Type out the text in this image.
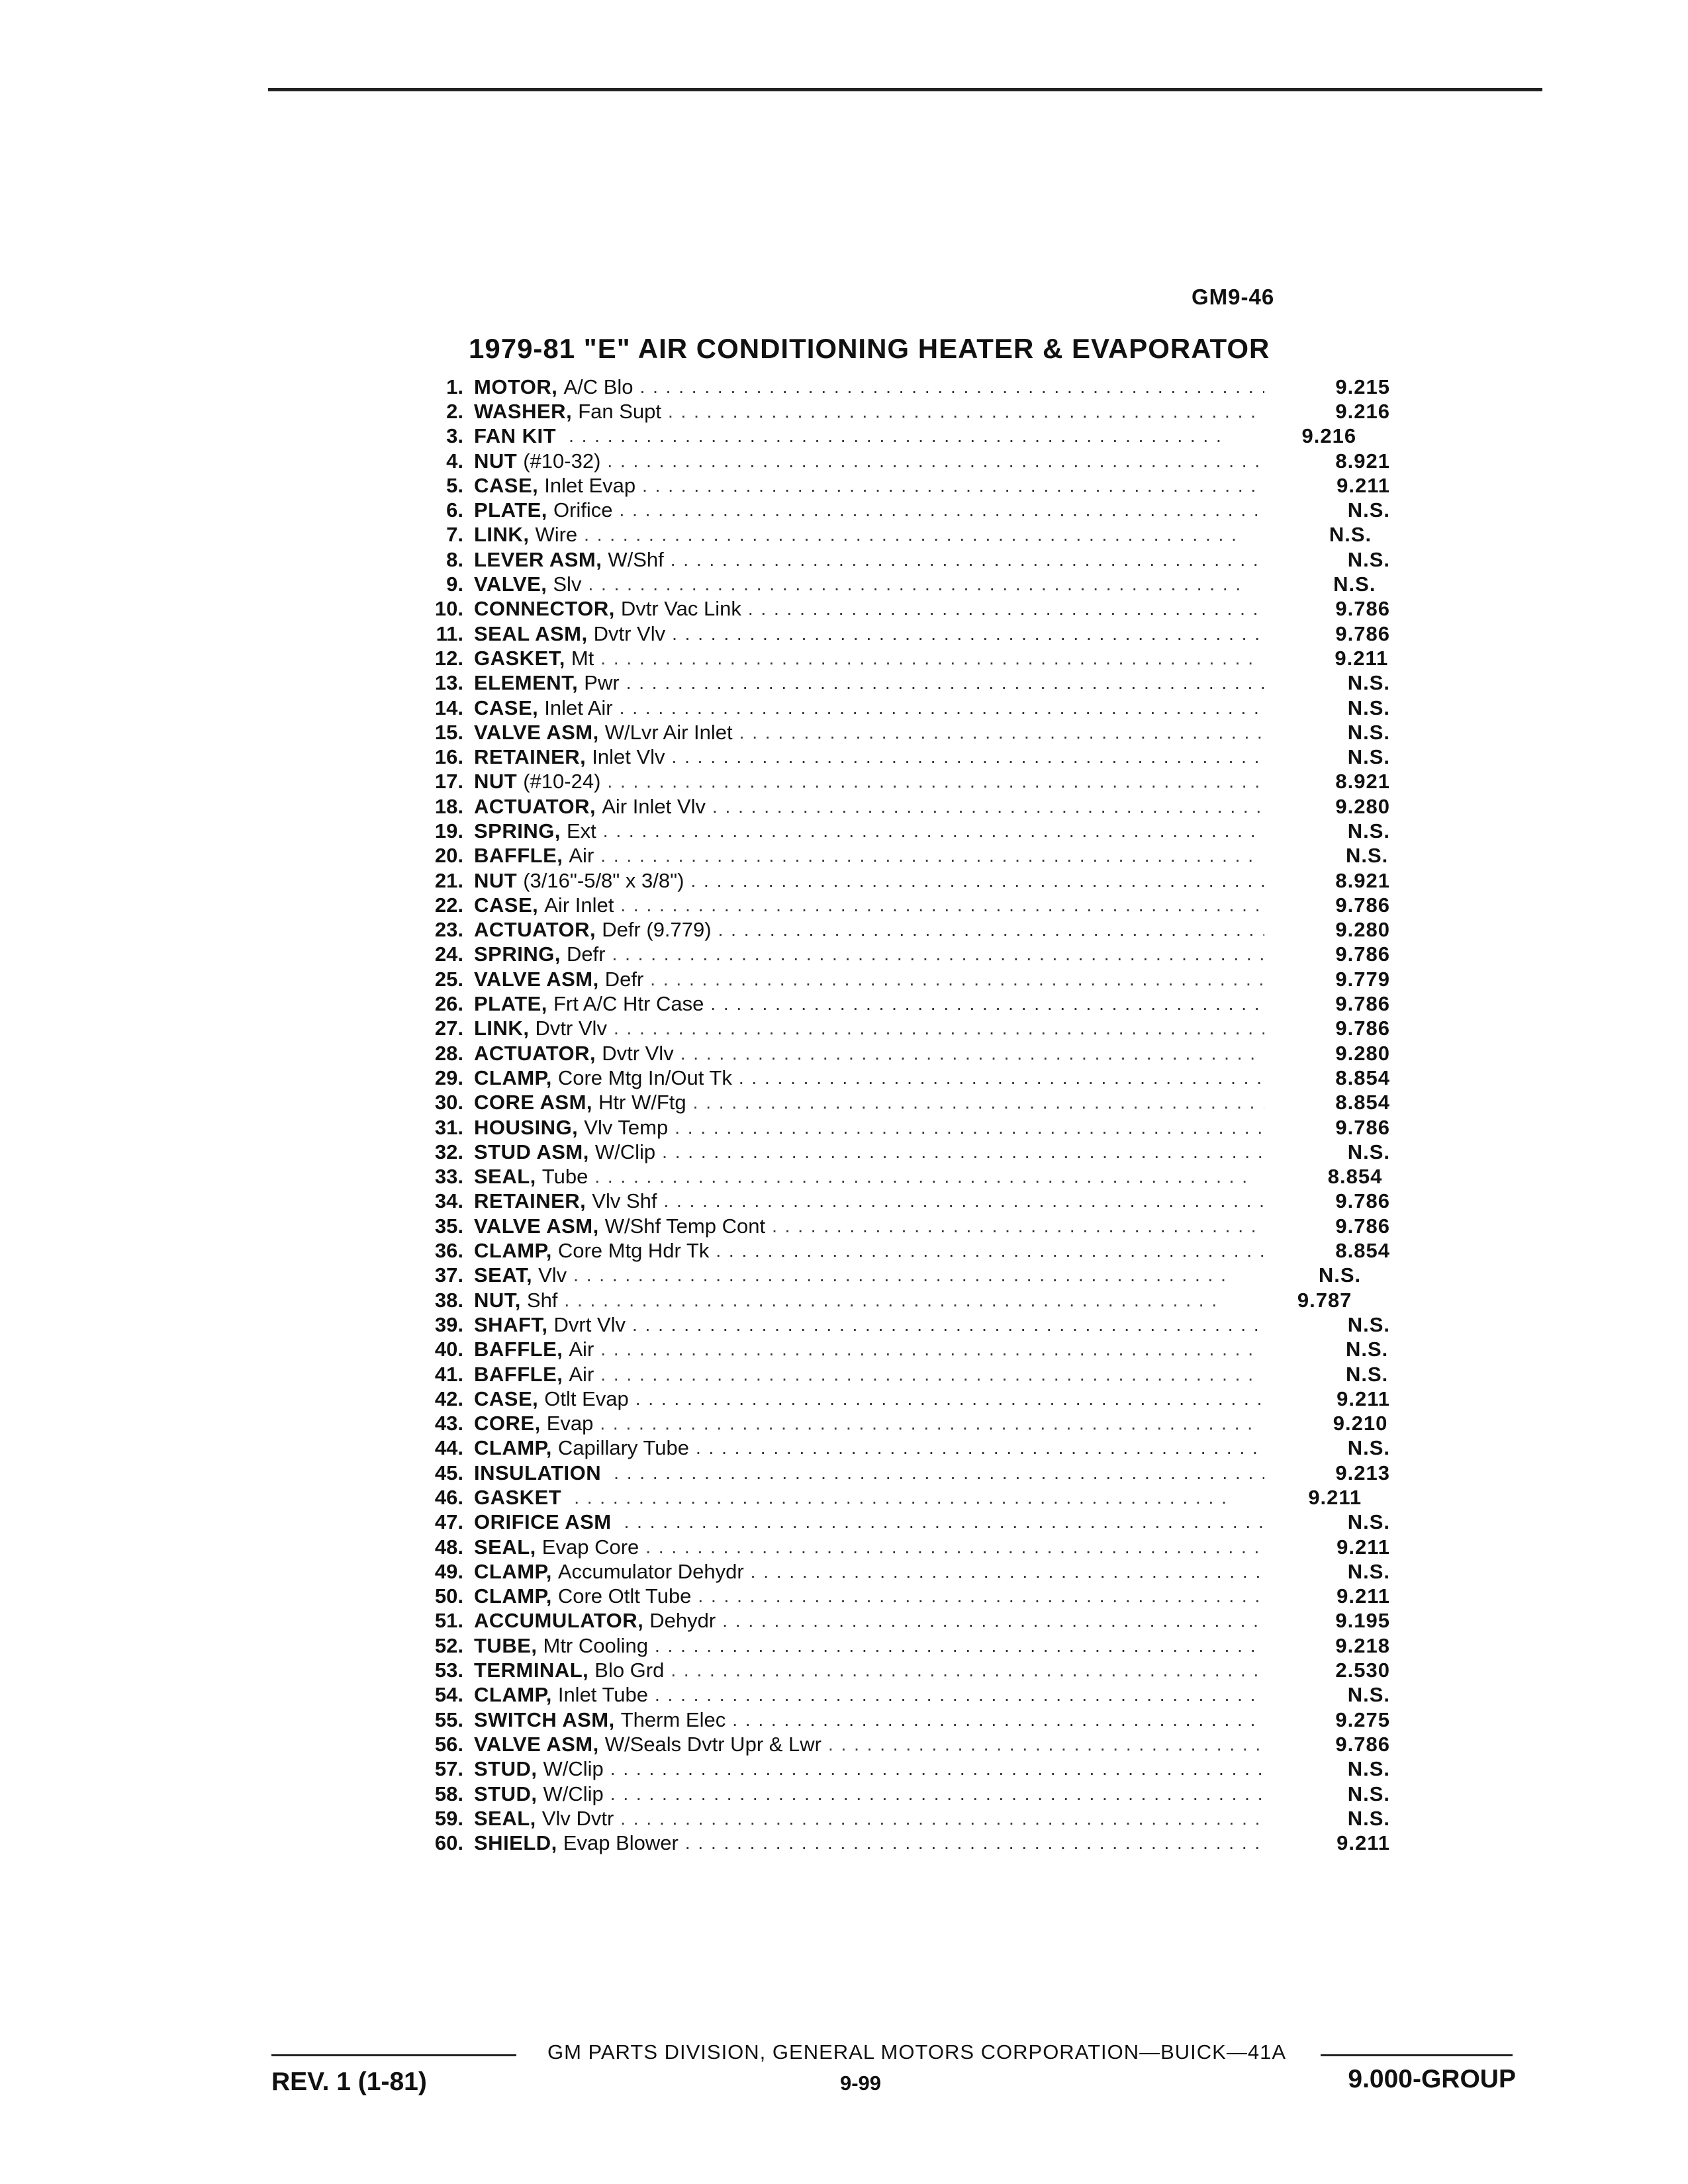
GM9-46
1979-81 "E" AIR CONDITIONING HEATER & EVAPORATOR
1. MOTOR, A/C Blo . . .	9.215
2. WASHER, Fan Supt . . .	9.216
3. FAN KIT . . .	9.216
4. NUT (#10-32) . . .	8.921
5. CASE, Inlet Evap . . .	9.211
6. PLATE, Orifice . . .	N.S.
7. LINK, Wire . . .	N.S.
8. LEVER ASM, W/Shf . . .	N.S.
9. VALVE, Slv . . .	N.S.
10. CONNECTOR, Dvtr Vac Link . . .	9.786
11. SEAL ASM, Dvtr Vlv . . .	9.786
12. GASKET, Mt . . .	9.211
13. ELEMENT, Pwr . . .	N.S.
14. CASE, Inlet Air . . .	N.S.
15. VALVE ASM, W/Lvr Air Inlet . . .	N.S.
16. RETAINER, Inlet Vlv . . .	N.S.
17. NUT (#10-24) . . .	8.921
18. ACTUATOR, Air Inlet Vlv . . .	9.280
19. SPRING, Ext . . .	N.S.
20. BAFFLE, Air . . .	N.S.
21. NUT (3/16"-5/8" x 3/8") . . .	8.921
22. CASE, Air Inlet . . .	9.786
23. ACTUATOR, Defr (9.779) . . .	9.280
24. SPRING, Defr . . .	9.786
25. VALVE ASM, Defr . . .	9.779
26. PLATE, Frt A/C Htr Case . . .	9.786
27. LINK, Dvtr Vlv . . .	9.786
28. ACTUATOR, Dvtr Vlv . . .	9.280
29. CLAMP, Core Mtg In/Out Tk . . .	8.854
30. CORE ASM, Htr W/Ftg . . .	8.854
31. HOUSING, Vlv Temp . . .	9.786
32. STUD ASM, W/Clip . . .	N.S.
33. SEAL, Tube . . .	8.854
34. RETAINER, Vlv Shf . . .	9.786
35. VALVE ASM, W/Shf Temp Cont . . .	9.786
36. CLAMP, Core Mtg Hdr Tk . . .	8.854
37. SEAT, Vlv . . .	N.S.
38. NUT, Shf . . .	9.787
39. SHAFT, Dvrt Vlv . . .	N.S.
40. BAFFLE, Air . . .	N.S.
41. BAFFLE, Air . . .	N.S.
42. CASE, Otlt Evap . . .	9.211
43. CORE, Evap . . .	9.210
44. CLAMP, Capillary Tube . . .	N.S.
45. INSULATION . . .	9.213
46. GASKET . . .	9.211
47. ORIFICE ASM . . .	N.S.
48. SEAL, Evap Core . . .	9.211
49. CLAMP, Accumulator Dehydr . . .	N.S.
50. CLAMP, Core Otlt Tube . . .	9.211
51. ACCUMULATOR, Dehydr . . .	9.195
52. TUBE, Mtr Cooling . . .	9.218
53. TERMINAL, Blo Grd . . .	2.530
54. CLAMP, Inlet Tube . . .	N.S.
55. SWITCH ASM, Therm Elec . . .	9.275
56. VALVE ASM, W/Seals Dvtr Upr & Lwr . . .	9.786
57. STUD, W/Clip . . .	N.S.
58. STUD, W/Clip . . .	N.S.
59. SEAL, Vlv Dvtr . . .	N.S.
60. SHIELD, Evap Blower . . .	9.211
GM PARTS DIVISION, GENERAL MOTORS CORPORATION—BUICK—41A
REV. 1 (1-81)	9-99	9.000-GROUP
